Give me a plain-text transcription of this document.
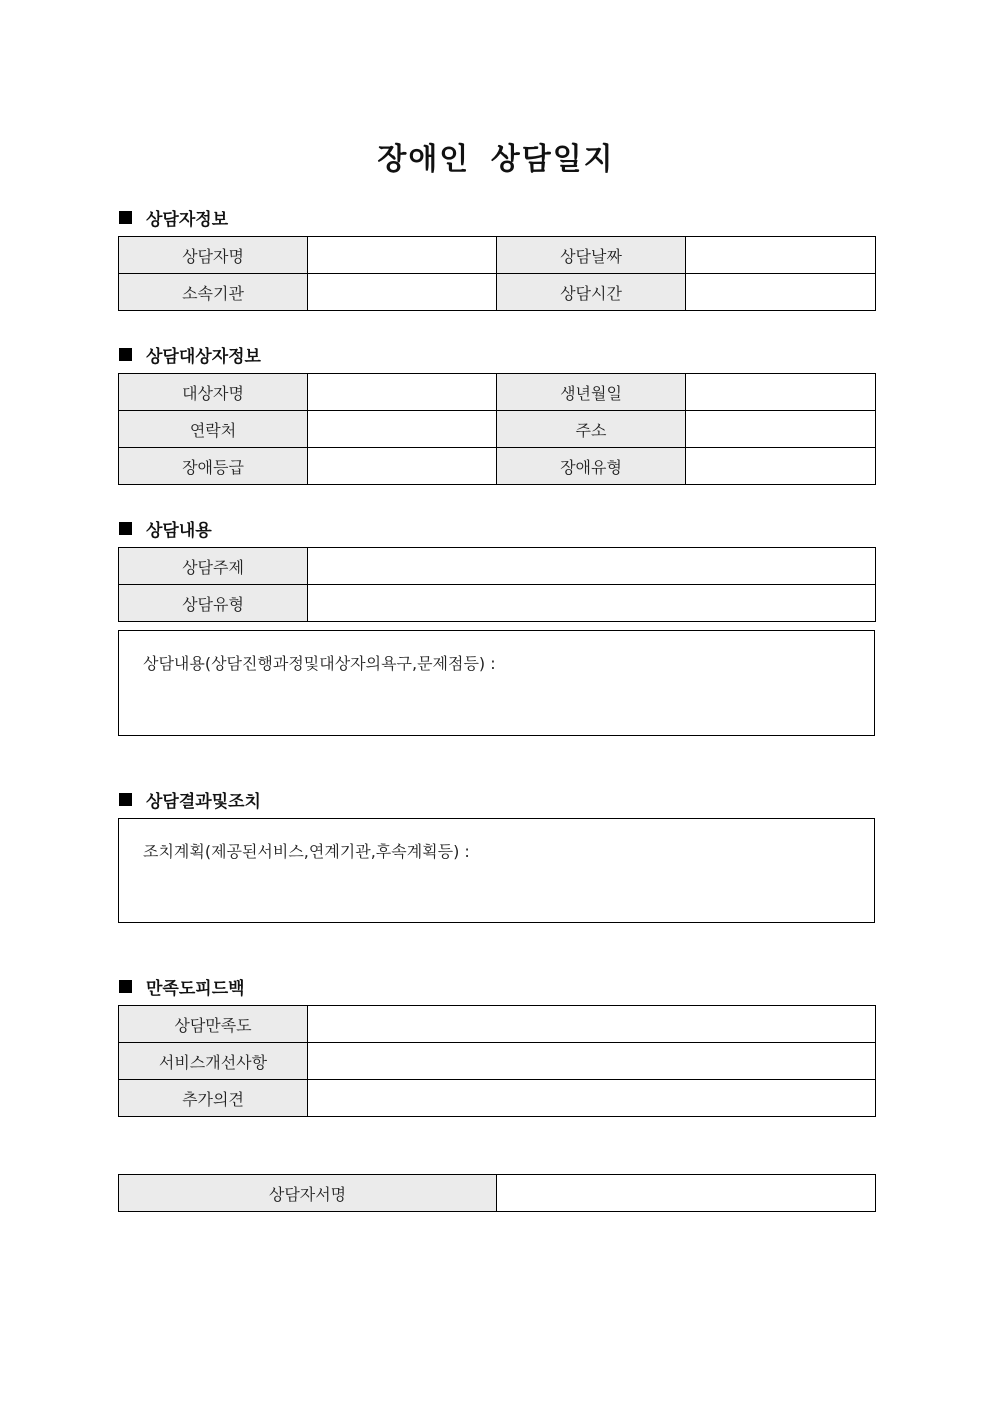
장애인 상담일지
상담자정보
상담자명		상담날짜	
소속기관		상담시간	
상담대상자정보
대상자명		생년월일	
연락처		주소	
장애등급		장애유형	
상담내용
상담주제	
상담유형	
상담내용(상담진행과정및대상자의욕구,문제점등) :
상담결과및조치
조치계획(제공된서비스,연계기관,후속계획등) :
만족도피드백
상담만족도	
서비스개선사항	
추가의견	
상담자서명	
